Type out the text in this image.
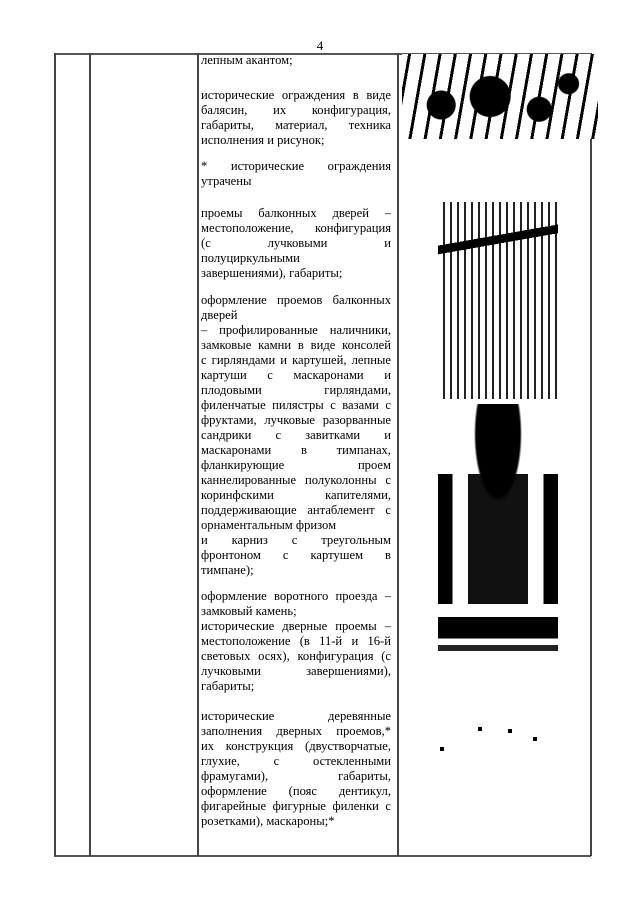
4
лепным акантом;
исторические ограждения в виде
балясин, их конфигурация,
габариты, материал, техника
исполнения и рисунок;
* исторические ограждения
утрачены
проемы балконных дверей –
местоположение, конфигурация
(с лучковыми и
полуциркульными
завершениями), габариты;
оформление проемов балконных
дверей
– профилированные наличники,
замковые камни в виде консолей
с гирляндами и картушей, лепные
картуши с маскаронами и
плодовыми гирляндами,
филенчатые пилястры с вазами с
фруктами, лучковые разорванные
сандрики с завитками и
маскаронами в тимпанах,
фланкирующие проем
каннелированные полуколонны с
коринфскими капителями,
поддерживающие антаблемент с
орнаментальным фризом
и карниз с треугольным
фронтоном с картушем в
тимпане);
оформление воротного проезда –
замковый камень;
исторические дверные проемы –
местоположение (в 11-й и 16-й
световых осях), конфигурация (с
лучковыми завершениями),
габариты;
исторические деревянные
заполнения дверных проемов,*
их конструкция (двустворчатые,
глухие, с остекленными
фрамугами), габариты,
оформление (пояс дентикул,
фигарейные фигурные филенки с
розетками), маскароны;*
